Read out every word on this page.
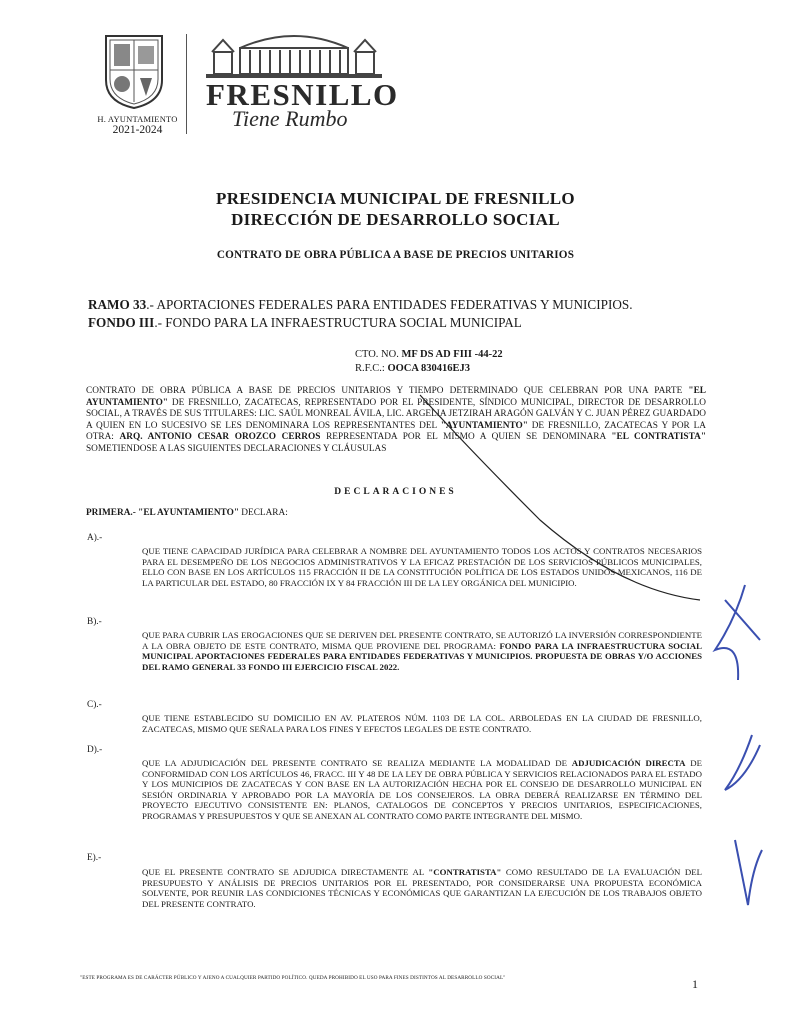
H. AYUNTAMIENTO
2021-2024
FRESNILLO
Tiene Rumbo
PRESIDENCIA MUNICIPAL DE FRESNILLO
DIRECCIÓN DE DESARROLLO SOCIAL
CONTRATO DE OBRA PÚBLICA A BASE DE PRECIOS UNITARIOS
RAMO 33.- APORTACIONES FEDERALES PARA ENTIDADES FEDERATIVAS Y MUNICIPIOS.
FONDO III.- FONDO PARA LA INFRAESTRUCTURA SOCIAL MUNICIPAL
CTO. NO. MF DS AD FIII -44-22
R.F.C.: OOCA 830416EJ3
CONTRATO DE OBRA PÚBLICA A BASE DE PRECIOS UNITARIOS Y TIEMPO DETERMINADO QUE CELEBRAN POR UNA PARTE "EL AYUNTAMIENTO" DE FRESNILLO, ZACATECAS, REPRESENTADO POR EL PRESIDENTE, SÍNDICO MUNICIPAL, DIRECTOR DE DESARROLLO SOCIAL, A TRAVÉS DE SUS TITULARES: LIC. SAÚL MONREAL ÁVILA, LIC. ARGELIA JETZIRAH ARAGÓN GALVÁN Y C. JUAN PÉREZ GUARDADO A QUIEN EN LO SUCESIVO SE LES DENOMINARA LOS REPRESENTANTES DEL "AYUNTAMIENTO" DE FRESNILLO, ZACATECAS Y POR LA OTRA: ARQ. ANTONIO CESAR OROZCO CERROS REPRESENTADA POR EL MISMO A QUIEN SE DENOMINARA "EL CONTRATISTA" SOMETIENDOSE A LAS SIGUIENTES DECLARACIONES Y CLÁUSULAS
DECLARACIONES
PRIMERA.- "EL AYUNTAMIENTO" DECLARA:
A).-
QUE TIENE CAPACIDAD JURÍDICA PARA CELEBRAR A NOMBRE DEL AYUNTAMIENTO TODOS LOS ACTOS Y CONTRATOS NECESARIOS PARA EL DESEMPEÑO DE LOS NEGOCIOS ADMINISTRATIVOS Y LA EFICAZ PRESTACIÓN DE LOS SERVICIOS PÚBLICOS MUNICIPALES, ELLO CON BASE EN LOS ARTÍCULOS 115 FRACCIÓN II DE LA CONSTITUCIÓN POLÍTICA DE LOS ESTADOS UNIDOS MEXICANOS, 116 DE LA PARTICULAR DEL ESTADO, 80 FRACCIÓN IX Y 84 FRACCIÓN III DE LA LEY ORGÁNICA DEL MUNICIPIO.
B).-
QUE PARA CUBRIR LAS EROGACIONES QUE SE DERIVEN DEL PRESENTE CONTRATO, SE AUTORIZÓ LA INVERSIÓN CORRESPONDIENTE A LA OBRA OBJETO DE ESTE CONTRATO, MISMA QUE PROVIENE DEL PROGRAMA: FONDO PARA LA INFRAESTRUCTURA SOCIAL MUNICIPAL APORTACIONES FEDERALES PARA ENTIDADES FEDERATIVAS Y MUNICIPIOS. PROPUESTA DE OBRAS Y/O ACCIONES DEL RAMO GENERAL 33 FONDO III EJERCICIO FISCAL 2022.
C).-
QUE TIENE ESTABLECIDO SU DOMICILIO EN AV. PLATEROS NÚM. 1103 DE LA COL. ARBOLEDAS EN LA CIUDAD DE FRESNILLO, ZACATECAS, MISMO QUE SEÑALA PARA LOS FINES Y EFECTOS LEGALES DE ESTE CONTRATO.
D).-
QUE LA ADJUDICACIÓN DEL PRESENTE CONTRATO SE REALIZA MEDIANTE LA MODALIDAD DE ADJUDICACIÓN DIRECTA DE CONFORMIDAD CON LOS ARTÍCULOS 46, FRACC. III Y 48 DE LA LEY DE OBRA PÚBLICA Y SERVICIOS RELACIONADOS PARA EL ESTADO Y LOS MUNICIPIOS DE ZACATECAS Y CON BASE EN LA AUTORIZACIÓN HECHA POR EL CONSEJO DE DESARROLLO MUNICIPAL EN SESIÓN ORDINARIA Y APROBADO POR LA MAYORÍA DE LOS CONSEJEROS. LA OBRA DEBERÁ REALIZARSE EN TÉRMINO DEL PROYECTO EJECUTIVO CONSISTENTE EN: PLANOS, CATALOGOS DE CONCEPTOS Y PRECIOS UNITARIOS, ESPECIFICACIONES, PROGRAMAS Y PRESUPUESTOS Y QUE SE ANEXAN AL CONTRATO COMO PARTE INTEGRANTE DEL MISMO.
E).-
QUE EL PRESENTE CONTRATO SE ADJUDICA DIRECTAMENTE AL "CONTRATISTA" COMO RESULTADO DE LA EVALUACIÓN DEL PRESUPUESTO Y ANÁLISIS DE PRECIOS UNITARIOS POR EL PRESENTADO, POR CONSIDERARSE UNA PROPUESTA ECONÓMICA SOLVENTE, POR REUNIR LAS CONDICIONES TÉCNICAS Y ECONÓMICAS QUE GARANTIZAN LA EJECUCIÓN DE LOS TRABAJOS OBJETO DEL PRESENTE CONTRATO.
"ESTE PROGRAMA ES DE CARÁCTER PÚBLICO Y AJENO A CUALQUIER PARTIDO POLÍTICO. QUEDA PROHIBIDO EL USO PARA FINES DISTINTOS AL DESARROLLO SOCIAL"	1
